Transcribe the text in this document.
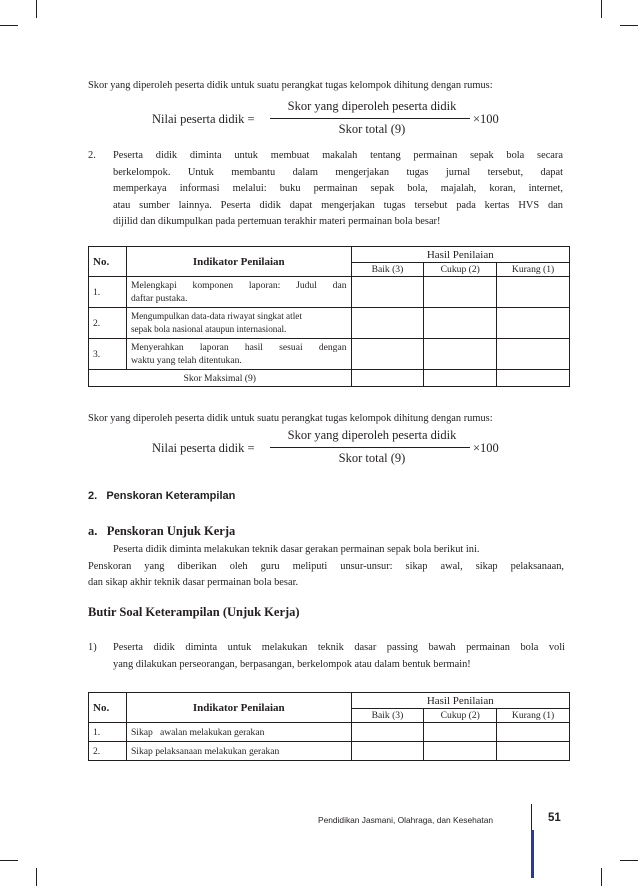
Skor yang diperoleh peserta didik untuk suatu perangkat tugas kelompok dihitung dengan rumus:
Nilai peserta didik =
Skor yang diperoleh peserta didik
Skor total (9)
×100
2. Peserta didik diminta untuk membuat makalah tentang permainan sepak bola secara
berkelompok. Untuk membantu dalam mengerjakan tugas jurnal tersebut, dapat
memperkaya informasi melalui: buku permainan sepak bola, majalah, koran, internet,
atau sumber lainnya. Peserta didik dapat mengerjakan tugas tersebut pada kertas HVS dan
dijilid dan dikumpulkan pada pertemuan terakhir materi permainan bola besar!
No.	Indikator Penilaian	Hasil Penilaian		
		Baik (3)	Cukup (2)	Kurang (1)
1.	Melengkapi komponen laporan: Judul dan
daftar pustaka.			

2.	Mengumpulkan data-data riwayat singkat atlet
sepak bola nasional ataupun internasional.			

3.	Menyerahkan laporan hasil sesuai dengan
waktu yang telah ditentukan.			

Skor Maksimal (9)				
Skor yang diperoleh peserta didik untuk suatu perangkat tugas kelompok dihitung dengan rumus:
Nilai peserta didik =
Skor yang diperoleh peserta didik
Skor total (9)
×100
2.   Penskoran Keterampilan
a.   Penskoran Unjuk Kerja
Peserta didik diminta melakukan teknik dasar gerakan permainan sepak bola berikut ini.
Penskoran yang diberikan oleh guru meliputi unsur-unsur: sikap awal, sikap pelaksanaan,
dan sikap akhir teknik dasar permainan bola besar.
Butir Soal Keterampilan (Unjuk Kerja)
1) Peserta didik diminta untuk melakukan teknik dasar passing bawah permainan bola voli
yang dilakukan perseorangan, berpasangan, berkelompok atau dalam bentuk bermain!
No.	Indikator Penilaian	Hasil Penilaian		
		Baik (3)	Cukup (2)	Kurang (1)
1.	Sikap   awalan melakukan gerakan			
2.	Sikap pelaksanaan melakukan gerakan			
Pendidikan Jasmani, Olahraga, dan Kesehatan	51
